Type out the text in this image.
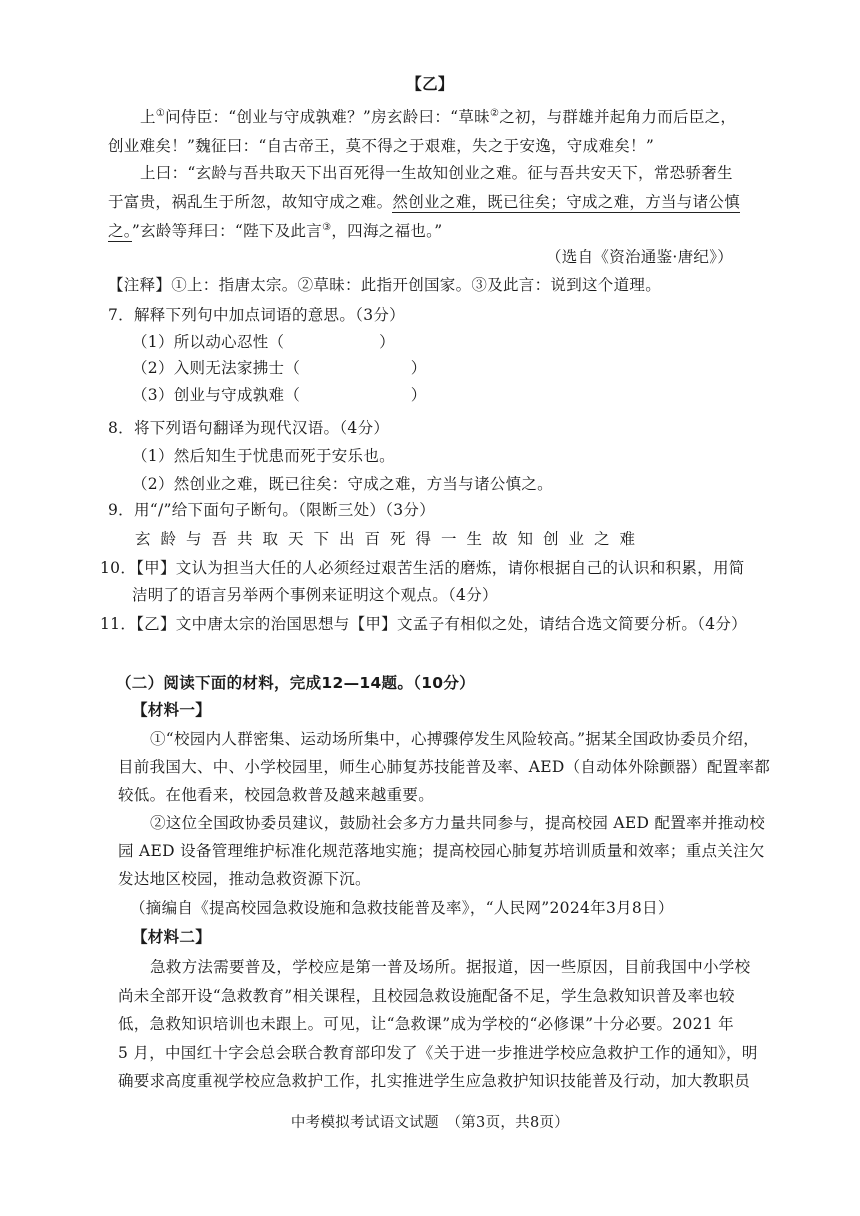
【乙】
上①问侍臣：“创业与守成孰难？”房玄龄曰：“草昧②之初，与群雄并起角力而后臣之，
创业难矣！”魏征曰：“自古帝王，莫不得之于艰难，失之于安逸，守成难矣！”
上曰：“玄龄与吾共取天下出百死得一生故知创业之难。征与吾共安天下，常恐骄奢生
于富贵，祸乱生于所忽，故知守成之难。然创业之难，既已往矣；守成之难，方当与诸公慎
之。”玄龄等拜曰：“陛下及此言③，四海之福也。”
（选自《资治通鉴·唐纪》）
【注释】①上：指唐太宗。②草昧：此指开创国家。③及此言：说到这个道理。
7．解释下列句中加点词语的意思。（3分）
（1）所以动心忍性（　　　　　　）
（2）入则无法家拂士（　　　　　　　）
（3）创业与守成孰难（　　　　　　　）
8．将下列语句翻译为现代汉语。（4分）
（1）然后知生于忧患而死于安乐也。
（2）然创业之难，既已往矣：守成之难，方当与诸公慎之。
9．用“/”给下面句子断句。（限断三处）（3分）
玄龄与吾共取天下出百死得一生故知创业之难
10．【甲】文认为担当大任的人必须经过艰苦生活的磨炼，请你根据自己的认识和积累，用简
洁明了的语言另举两个事例来证明这个观点。（4分）
11．【乙】文中唐太宗的治国思想与【甲】文孟子有相似之处，请结合选文简要分析。（4分）
（二）阅读下面的材料，完成12—14题。（10分）
【材料一】
①“校园内人群密集、运动场所集中，心搏骤停发生风险较高。”据某全国政协委员介绍，
目前我国大、中、小学校园里，师生心肺复苏技能普及率、AED（自动体外除颤器）配置率都
较低。在他看来，校园急救普及越来越重要。
②这位全国政协委员建议，鼓励社会多方力量共同参与，提高校园 AED 配置率并推动校
园 AED 设备管理维护标准化规范落地实施；提高校园心肺复苏培训质量和效率；重点关注欠
发达地区校园，推动急救资源下沉。
（摘编自《提高校园急救设施和急救技能普及率》，“人民网”2024年3月8日）
【材料二】
急救方法需要普及，学校应是第一普及场所。据报道，因一些原因，目前我国中小学校
尚未全部开设“急救教育”相关课程，且校园急救设施配备不足，学生急救知识普及率也较
低，急救知识培训也未跟上。可见，让“急救课”成为学校的“必修课”十分必要。2021 年
5 月，中国红十字会总会联合教育部印发了《关于进一步推进学校应急救护工作的通知》，明
确要求高度重视学校应急救护工作，扎实推进学生应急救护知识技能普及行动，加大教职员
中考模拟考试语文试题　（第3页，共8页）
